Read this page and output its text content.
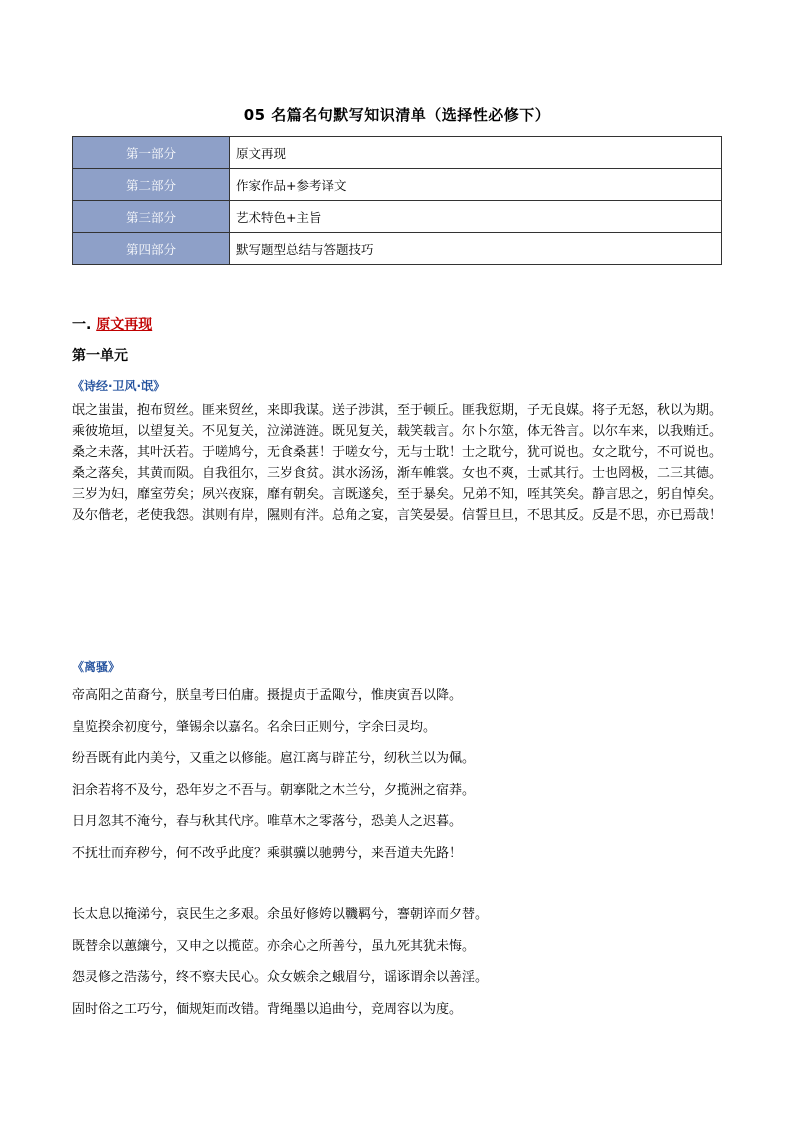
05 名篇名句默写知识清单（选择性必修下）
第一部分	原文再现
第二部分	作家作品+参考译文
第三部分	艺术特色+主旨
第四部分	默写题型总结与答题技巧
一. 原文再现
第一单元
《诗经·卫风·氓》

氓之蚩蚩，抱布贸丝。匪来贸丝，来即我谋。送子涉淇，至于顿丘。匪我愆期，子无良媒。将子无怒，秋以为期。

乘彼垝垣，以望复关。不见复关，泣涕涟涟。既见复关，载笑载言。尔卜尔筮，体无咎言。以尔车来，以我贿迁。

桑之未落，其叶沃若。于嗟鸠兮，无食桑葚！于嗟女兮，无与士耽！士之耽兮，犹可说也。女之耽兮，不可说也。

桑之落矣，其黄而陨。自我徂尔，三岁食贫。淇水汤汤，渐车帷裳。女也不爽，士贰其行。士也罔极，二三其德。

三岁为妇，靡室劳矣；夙兴夜寐，靡有朝矣。言既遂矣，至于暴矣。兄弟不知，咥其笑矣。静言思之，躬自悼矣。

及尔偕老，老使我怨。淇则有岸，隰则有泮。总角之宴，言笑晏晏。信誓旦旦，不思其反。反是不思，亦已焉哉！

《离骚》

帝高阳之苗裔兮，朕皇考曰伯庸。摄提贞于孟陬兮，惟庚寅吾以降。

皇览揆余初度兮，肇锡余以嘉名。名余曰正则兮，字余曰灵均。

纷吾既有此内美兮，又重之以修能。扈江离与辟芷兮，纫秋兰以为佩。

汩余若将不及兮，恐年岁之不吾与。朝搴阰之木兰兮，夕揽洲之宿莽。

日月忽其不淹兮，春与秋其代序。唯草木之零落兮，恐美人之迟暮。

不抚壮而弃秽兮，何不改乎此度？乘骐骥以驰骋兮，来吾道夫先路！

长太息以掩涕兮，哀民生之多艰。余虽好修姱以鞿羁兮，謇朝谇而夕替。

既替余以蕙纕兮，又申之以揽茝。亦余心之所善兮，虽九死其犹未悔。

怨灵修之浩荡兮，终不察夫民心。众女嫉余之蛾眉兮，谣诼谓余以善淫。

固时俗之工巧兮，偭规矩而改错。背绳墨以追曲兮，竞周容以为度。
